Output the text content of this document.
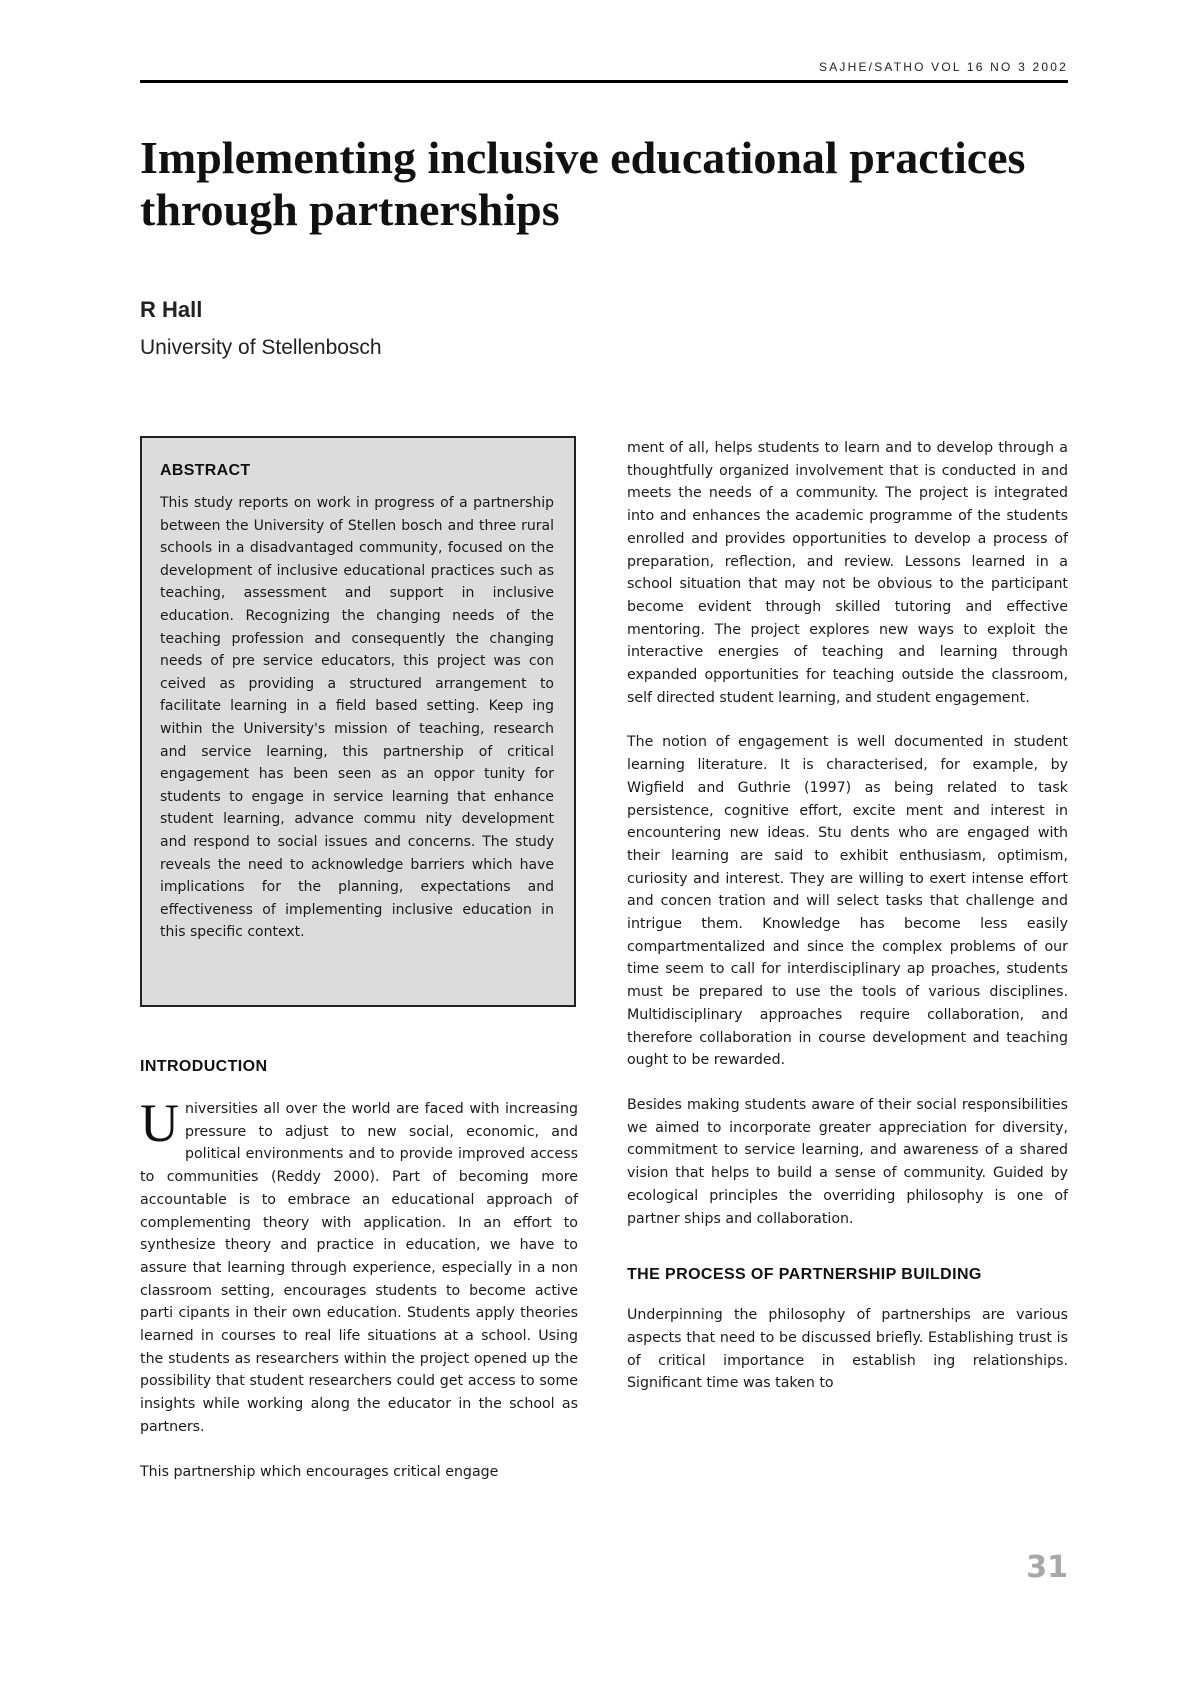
SAJHE/SATHO VOL 16 NO 3 2002
Implementing inclusive educational practices through partnerships
R Hall
University of Stellenbosch
ABSTRACT

This study reports on work in progress of a partnership between the University of Stellen bosch and three rural schools in a disadvantaged community, focused on the development of inclusive educational practices such as teaching, assessment and support in inclusive education. Recognizing the changing needs of the teaching profession and consequently the changing needs of pre service educators, this project was con ceived as providing a structured arrangement to facilitate learning in a field based setting. Keep ing within the University's mission of teaching, research and service learning, this partnership of critical engagement has been seen as an oppor tunity for students to engage in service learning that enhance student learning, advance commu nity development and respond to social issues and concerns. The study reveals the need to acknowledge barriers which have implications for the planning, expectations and effectiveness of implementing inclusive education in this specific context.

INTRODUCTION

Universities all over the world are faced with increasing pressure to adjust to new social, economic, and political environments and to provide improved access to communities (Reddy 2000). Part of becoming more accountable is to embrace an educational approach of complementing theory with application. In an effort to synthesize theory and practice in education, we have to assure that learning through experience, especially in a non classroom setting, encourages students to become active parti cipants in their own education. Students apply theories learned in courses to real life situations at a school. Using the students as researchers within the project opened up the possibility that student researchers could get access to some insights while working along the educator in the school as partners.

This partnership which encourages critical engage

ment of all, helps students to learn and to develop through a thoughtfully organized involvement that is conducted in and meets the needs of a community. The project is integrated into and enhances the academic programme of the students enrolled and provides opportunities to develop a process of preparation, reflection, and review. Lessons learned in a school situation that may not be obvious to the participant become evident through skilled tutoring and effective mentoring. The project explores new ways to exploit the interactive energies of teaching and learning through expanded opportunities for teaching outside the classroom, self directed student learning, and student engagement.

The notion of engagement is well documented in student learning literature. It is characterised, for example, by Wigfield and Guthrie (1997) as being related to task persistence, cognitive effort, excite ment and interest in encountering new ideas. Stu dents who are engaged with their learning are said to exhibit enthusiasm, optimism, curiosity and interest. They are willing to exert intense effort and concen tration and will select tasks that challenge and intrigue them. Knowledge has become less easily compartmentalized and since the complex problems of our time seem to call for interdisciplinary ap proaches, students must be prepared to use the tools of various disciplines. Multidisciplinary approaches require collaboration, and therefore collaboration in course development and teaching ought to be rewarded.

Besides making students aware of their social responsibilities we aimed to incorporate greater appreciation for diversity, commitment to service learning, and awareness of a shared vision that helps to build a sense of community. Guided by ecological principles the overriding philosophy is one of partner ships and collaboration.

THE PROCESS OF PARTNERSHIP BUILDING

Underpinning the philosophy of partnerships are various aspects that need to be discussed briefly. Establishing trust is of critical importance in establish ing relationships. Significant time was taken to

31
